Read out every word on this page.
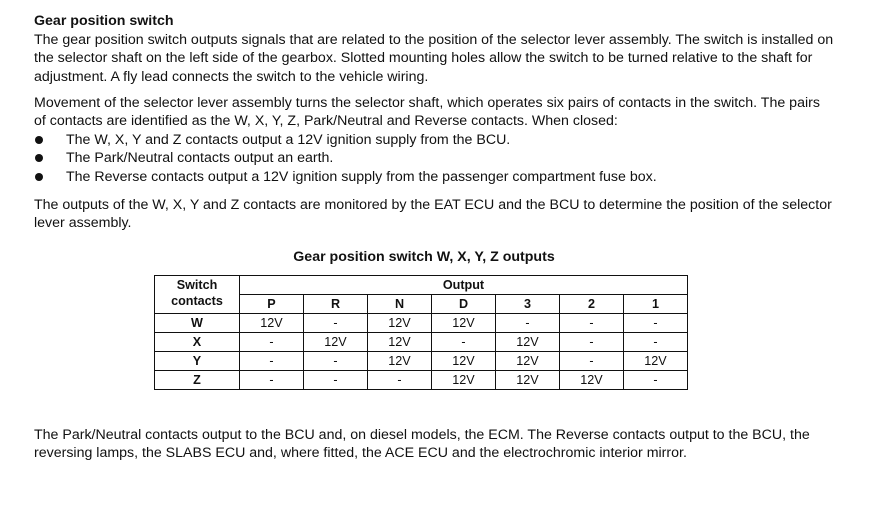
Gear position switch

The gear position switch outputs signals that are related to the position of the selector lever assembly. The switch is installed on the selector shaft on the left side of the gearbox. Slotted mounting holes allow the switch to be turned relative to the shaft for adjustment. A fly lead connects the switch to the vehicle wiring.

Movement of the selector lever assembly turns the selector shaft, which operates six pairs of contacts in the switch. The pairs of contacts are identified as the W, X, Y, Z, Park/Neutral and Reverse contacts. When closed:

The W, X, Y and Z contacts output a 12V ignition supply from the BCU.
The Park/Neutral contacts output an earth.
The Reverse contacts output a 12V ignition supply from the passenger compartment fuse box.

The outputs of the W, X, Y and Z contacts are monitored by the EAT ECU and the BCU to determine the position of the selector lever assembly.

Gear position switch W, X, Y, Z outputs
Switch
contacts	Output						
	P	R	N	D	3	2	1
W	12V	-	12V	12V	-	-	-
X	-	12V	12V	-	12V	-	-
Y	-	-	12V	12V	12V	-	12V
Z	-	-	-	12V	12V	12V	-

The Park/Neutral contacts output to the BCU and, on diesel models, the ECM. The Reverse contacts output to the BCU, the reversing lamps, the SLABS ECU and, where fitted, the ACE ECU and the electrochromic interior mirror.
